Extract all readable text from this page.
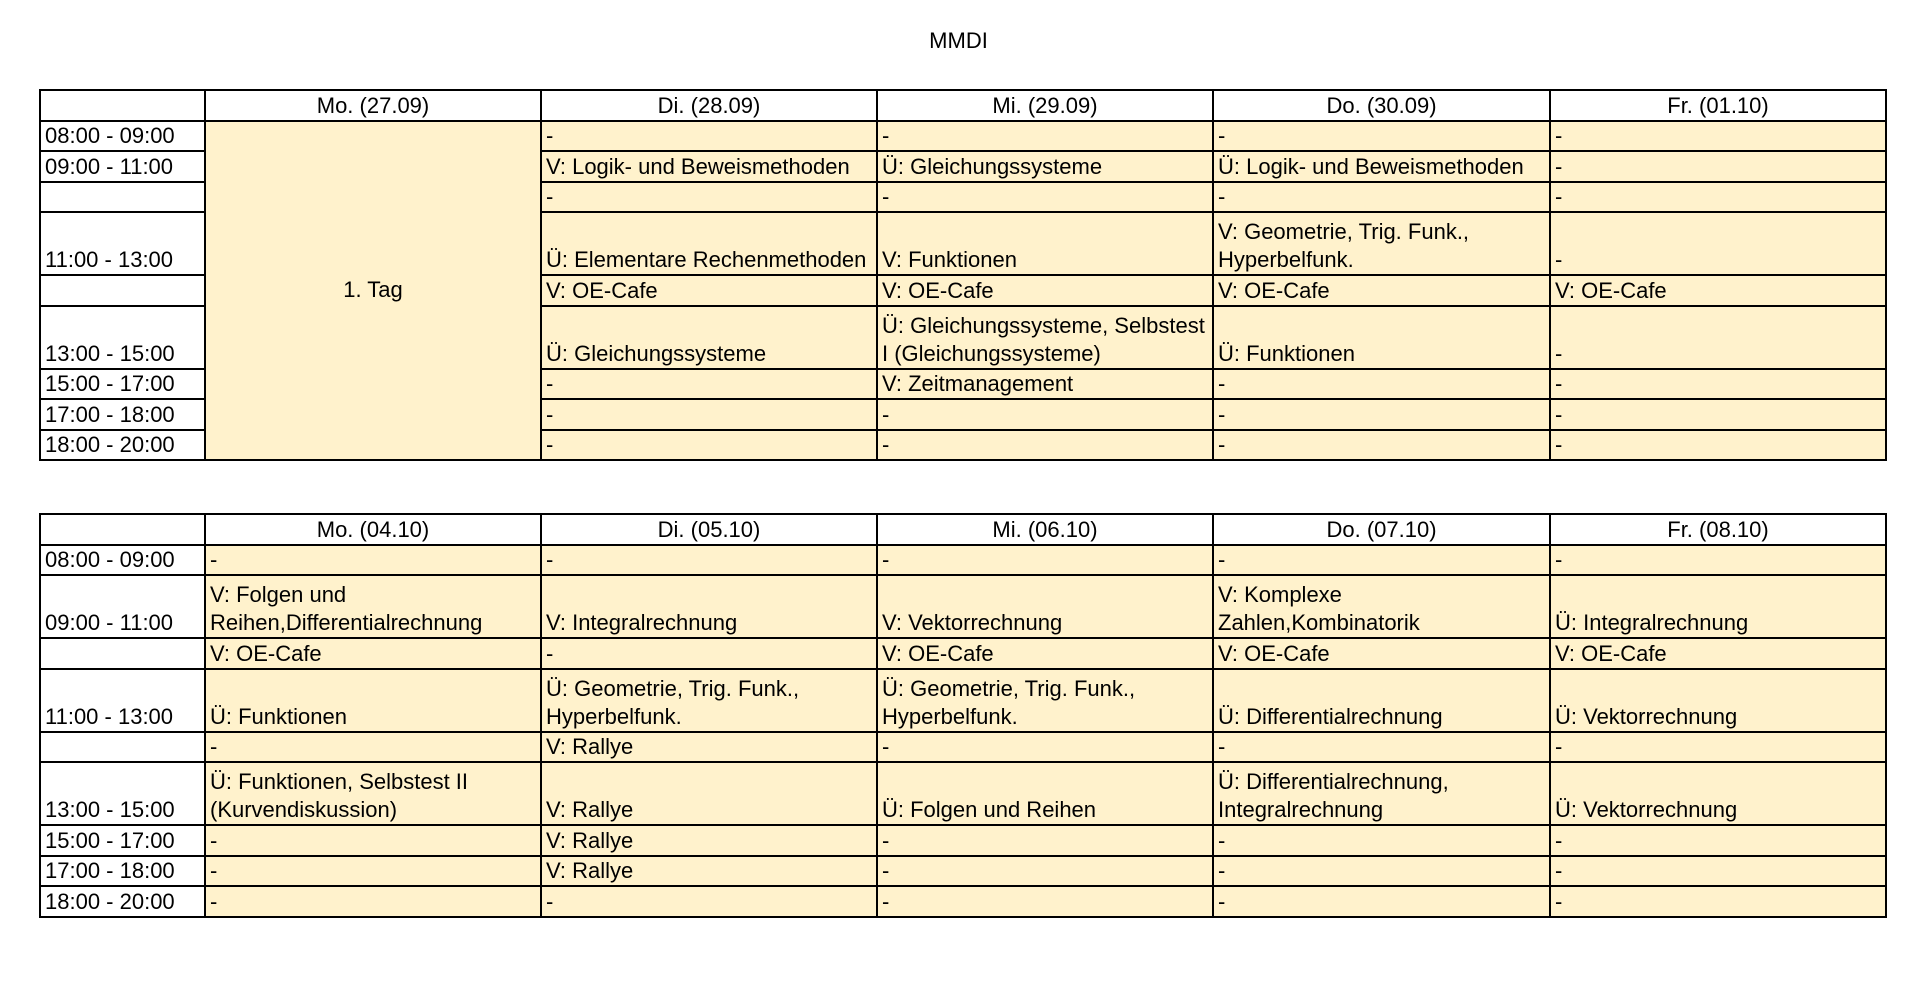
MMDI
	Mo. (27.09)	Di. (28.09)	Mi. (29.09)	Do. (30.09)	Fr. (01.10)
08:00 - 09:00	1. Tag	-	-	-	-
09:00 - 11:00		V: Logik- und Beweismethoden	Ü: Gleichungssysteme	Ü: Logik- und Beweismethoden	-
		-	-	-	-
11:00 - 13:00		Ü: Elementare Rechenmethoden	V: Funktionen	V: Geometrie, Trig. Funk., Hyperbelfunk.	-
		V: OE-Cafe	V: OE-Cafe	V: OE-Cafe	V: OE-Cafe
13:00 - 15:00		Ü: Gleichungssysteme	Ü: Gleichungssysteme, Selbstest I (Gleichungssysteme)	Ü: Funktionen	-
15:00 - 17:00		-	V: Zeitmanagement	-	-
17:00 - 18:00		-	-	-	-
18:00 - 20:00		-	-	-	-
	Mo. (04.10)	Di. (05.10)	Mi. (06.10)	Do. (07.10)	Fr. (08.10)
08:00 - 09:00	-	-	-	-	-
09:00 - 11:00	V: Folgen und Reihen,Differentialrechnung	V: Integralrechnung	V: Vektorrechnung	V: Komplexe Zahlen,Kombinatorik	Ü: Integralrechnung
	V: OE-Cafe	-	V: OE-Cafe	V: OE-Cafe	V: OE-Cafe
11:00 - 13:00	Ü: Funktionen	Ü: Geometrie, Trig. Funk., Hyperbelfunk.	Ü: Geometrie, Trig. Funk., Hyperbelfunk.	Ü: Differentialrechnung	Ü: Vektorrechnung
	-	V: Rallye	-	-	-
13:00 - 15:00	Ü: Funktionen, Selbstest II (Kurvendiskussion)	V: Rallye	Ü: Folgen und Reihen	Ü: Differentialrechnung, Integralrechnung	Ü: Vektorrechnung
15:00 - 17:00	-	V: Rallye	-	-	-
17:00 - 18:00	-	V: Rallye	-	-	-
18:00 - 20:00	-	-	-	-	-
